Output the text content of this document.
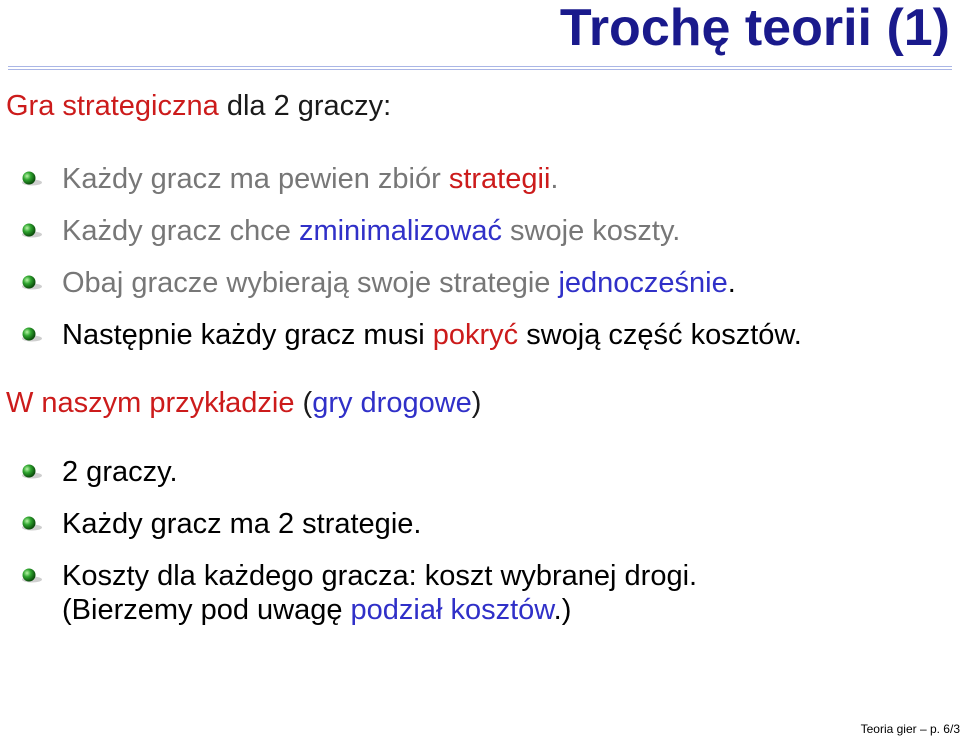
Trochę teorii (1)
Gra strategiczna dla 2 graczy:
Każdy gracz ma pewien zbiór strategii.
Każdy gracz chce zminimalizować swoje koszty.
Obaj gracze wybierają swoje strategie jednocześnie.
Następnie każdy gracz musi pokryć swoją część kosztów.
W naszym przykładzie (gry drogowe)
2 graczy.
Każdy gracz ma 2 strategie.
Koszty dla każdego gracza: koszt wybranej drogi.
(Bierzemy pod uwagę podział kosztów.)
Teoria gier – p. 6/3
